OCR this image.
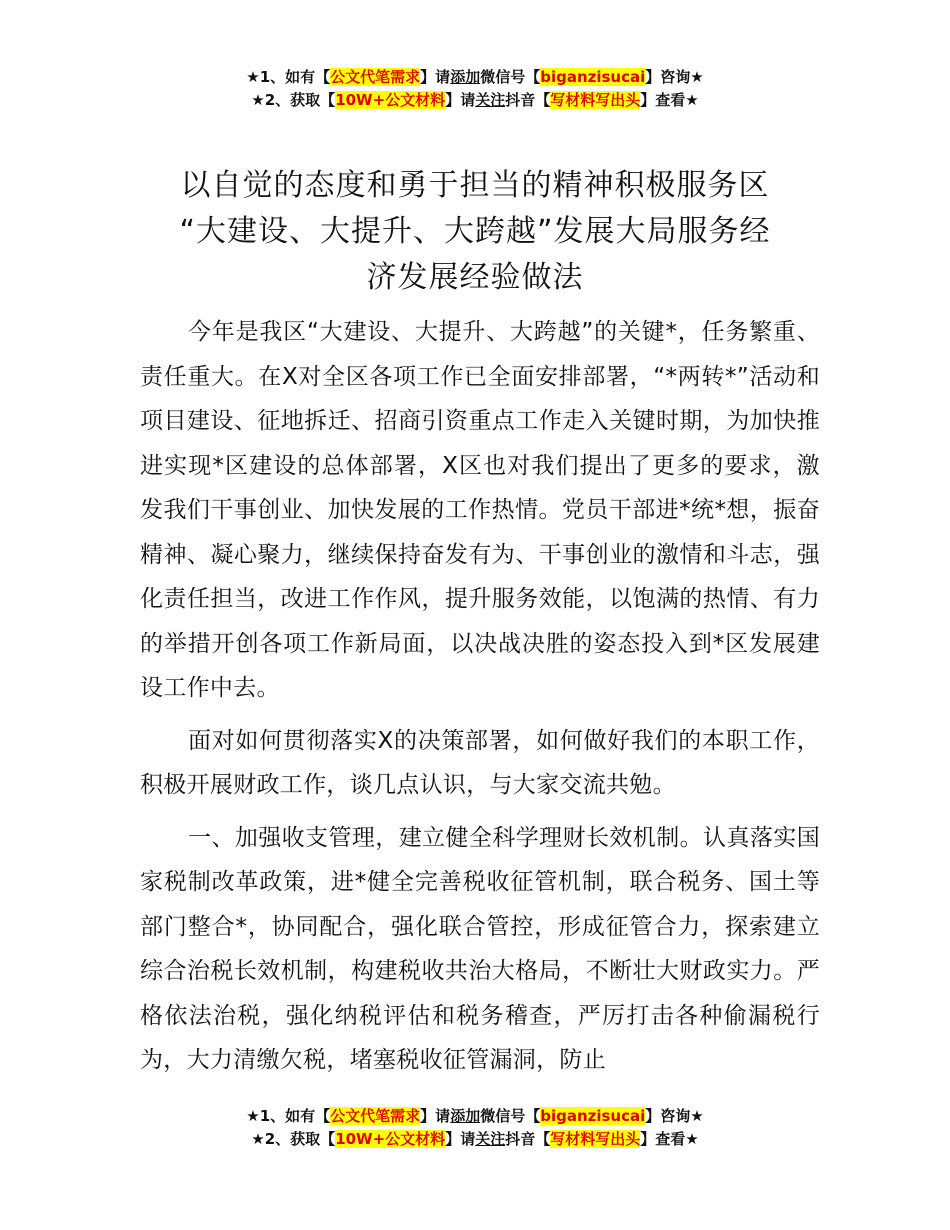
★1、如有【公文代笔需求】请添加微信号【biganzisucai】咨询★
★2、获取【10W+公文材料】请关注抖音【写材料写出头】查看★
以自觉的态度和勇于担当的精神积极服务区
“大建设、大提升、大跨越”发展大局服务经
济发展经验做法

今年是我区“大建设、大提升、大跨越”的关键*，任务繁重、责任重大。在X对全区各项工作已全面安排部署，“*两转*”活动和项目建设、征地拆迁、招商引资重点工作走入关键时期，为加快推进实现*区建设的总体部署，X区也对我们提出了更多的要求，激发我们干事创业、加快发展的工作热情。党员干部进*统*想，振奋精神、凝心聚力，继续保持奋发有为、干事创业的激情和斗志，强化责任担当，改进工作作风，提升服务效能，以饱满的热情、有力的举措开创各项工作新局面，以决战决胜的姿态投入到*区发展建设工作中去。

面对如何贯彻落实X的决策部署，如何做好我们的本职工作，积极开展财政工作，谈几点认识，与大家交流共勉。

一、加强收支管理，建立健全科学理财长效机制。认真落实国家税制改革政策，进*健全完善税收征管机制，联合税务、国土等部门整合*，协同配合，强化联合管控，形成征管合力，探索建立综合治税长效机制，构建税收共治大格局，不断壮大财政实力。严格依法治税，强化纳税评估和税务稽查，严厉打击各种偷漏税行为，大力清缴欠税，堵塞税收征管漏洞，防止

★1、如有【公文代笔需求】请添加微信号【biganzisucai】咨询★
★2、获取【10W+公文材料】请关注抖音【写材料写出头】查看★
